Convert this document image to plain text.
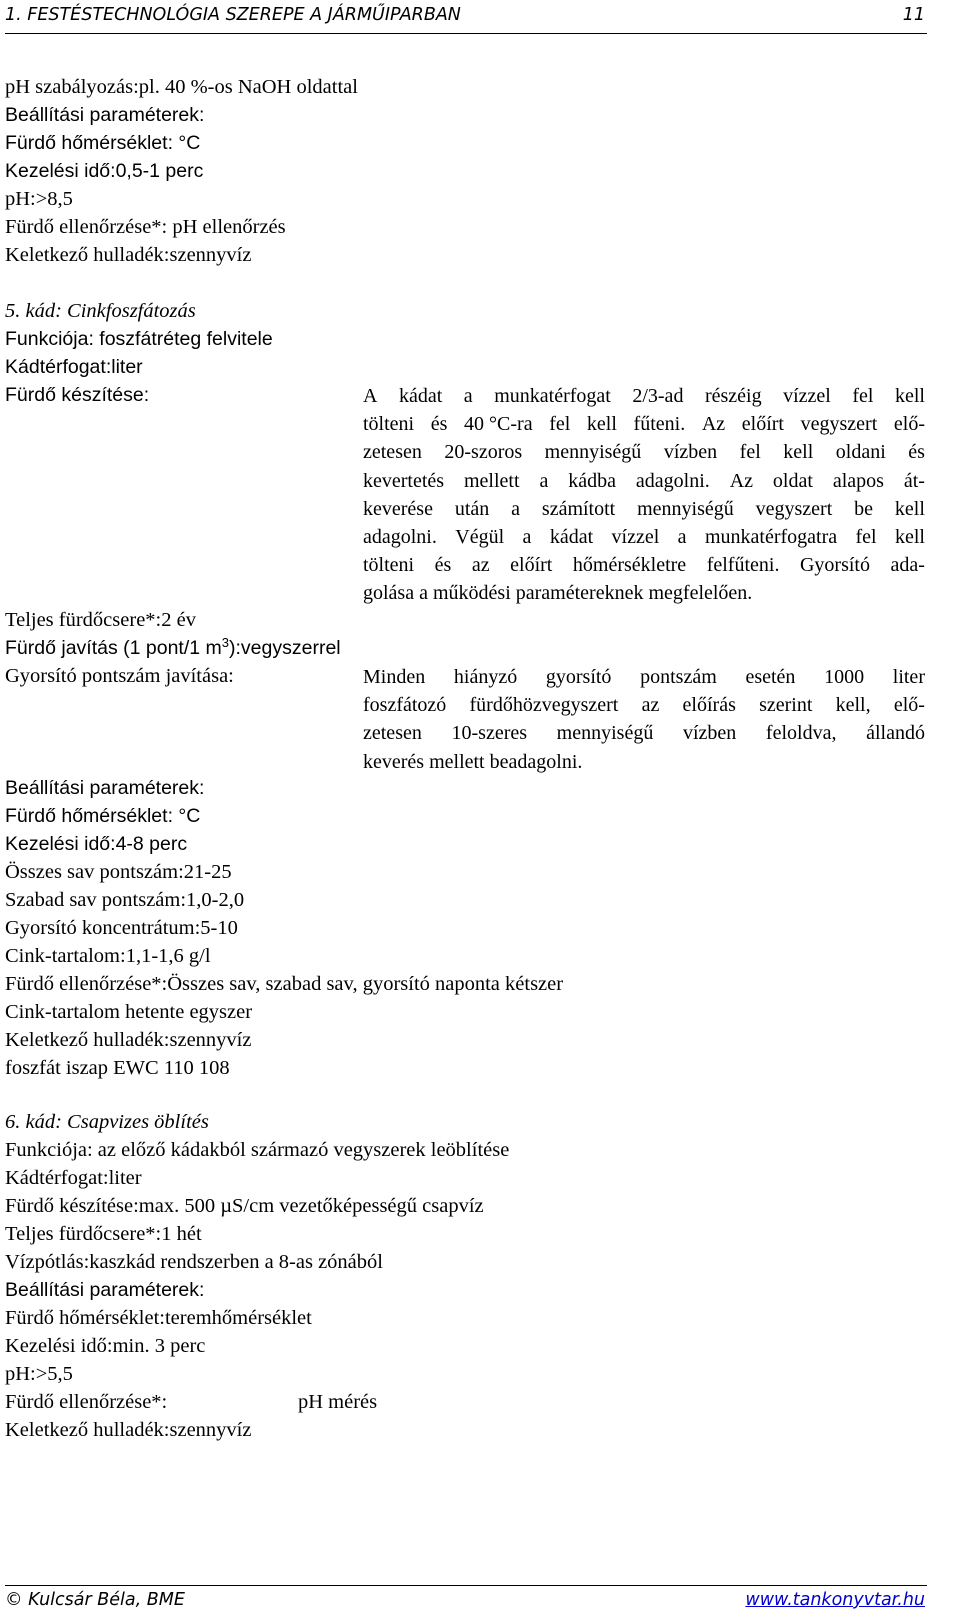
1. FESTÉSTECHNOLÓGIA SZEREPE A JÁRMŰIPARBAN	11
pH szabályozás:pl. 40 %-os NaOH oldattal
Beállítási paraméterek:
Fürdő hőmérséklet: °C
Kezelési idő:0,5-1 perc
pH:>8,5
Fürdő ellenőrzése*: pH ellenőrzés
Keletkező hulladék:szennyvíz
5. kád: Cinkfoszfátozás
Funkciója: foszfátréteg felvitele
Kádtérfogat:liter
Fürdő készítése:	A kádat a munkatérfogat 2/3-ad részéig vízzel fel kell
tölteni és 40 °C-ra fel kell fűteni. Az előírt vegyszert elő-
zetesen 20-szoros mennyiségű vízben fel kell oldani és
kevertetés mellett a kádba adagolni. Az oldat alapos át-
keverése után a számított mennyiségű vegyszert be kell
adagolni. Végül a kádat vízzel a munkatérfogatra fel kell
tölteni és az előírt hőmérsékletre felfűteni. Gyorsító ada-
golása a működési paramétereknek megfelelően.
Teljes fürdőcsere*:2 év
Fürdő javítás (1 pont/1 $m^3):vegyszerrel$
Gyorsító pontszám javítása:	Minden hiányzó gyorsító pontszám esetén 1000 liter
foszfátozó fürdőhözvegyszert az előírás szerint kell, elő-
zetesen 10-szeres mennyiségű vízben feloldva, állandó
keverés mellett beadagolni.
Beállítási paraméterek:
Fürdő hőmérséklet: °C
Kezelési idő:4-8 perc
Összes sav pontszám:21-25
Szabad sav pontszám:1,0-2,0
Gyorsító koncentrátum:5-10
Cink-tartalom:1,1-1,6 g/l
Fürdő ellenőrzése*:Összes sav, szabad sav, gyorsító naponta kétszer
Cink-tartalom hetente egyszer
Keletkező hulladék:szennyvíz
foszfát iszap EWC 110 108
6. kád: Csapvizes öblítés
Funkciója: az előző kádakból származó vegyszerek leöblítése
Kádtérfogat:liter
Fürdő készítése:max. 500 µS/cm vezetőképességű csapvíz
Teljes fürdőcsere*:1 hét
Vízpótlás:kaszkád rendszerben a 8-as zónából
Beállítási paraméterek:
Fürdő hőmérséklet:teremhőmérséklet
Kezelési idő:min. 3 perc
pH:>5,5
Fürdő ellenőrzése*:	pH mérés
Keletkező hulladék:szennyvíz
© Kulcsár Béla, BME	www.tankonyvtar.hu
